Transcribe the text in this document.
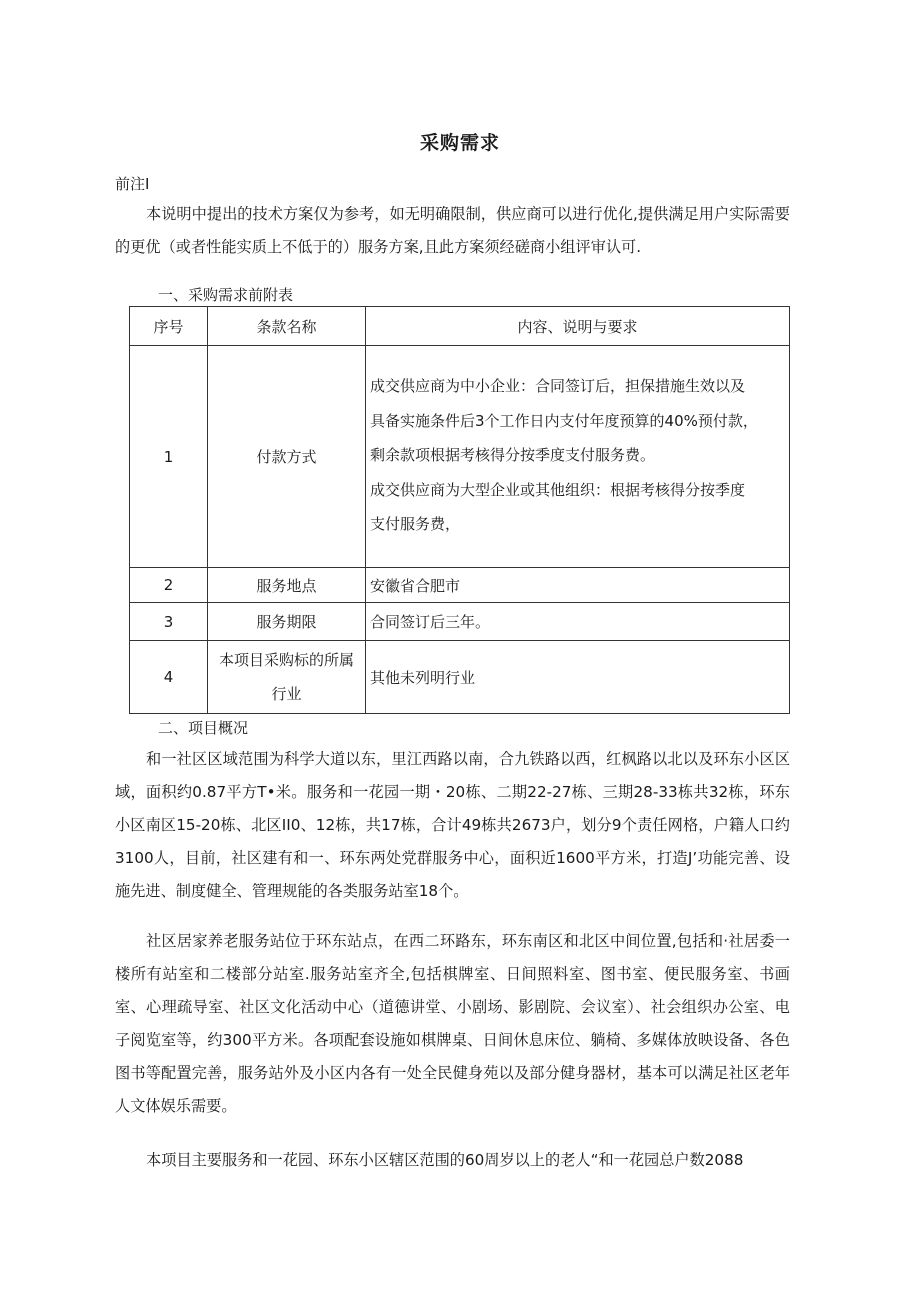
采购需求
前注I

本说明中提出的技术方案仅为参考，如无明确限制，供应商可以进行优化,提供满足用户实际需要的更优（或者性能实质上不低于的）服务方案,且此方案须经磋商小组评审认可.

一、采购需求前附表
序号	条款名称	内容、说明与要求
1	付款方式	成交供应商为中小企业：合同签订后，担保措施生效以及
具备实施条件后3个工作日内支付年度预算的40%预付款，
剩余款项根据考核得分按季度支付服务费。
成交供应商为大型企业或其他组织：根据考核得分按季度
支付服务费，

2	服务地点	安徽省合肥市
3	服务期限	合同签订后三年。
4	本项目采购标的所属
行业	其他未列明行业
二、项目概况

和一社区区域范围为科学大道以东，里江西路以南，合九铁路以西，红枫路以北以及环东小区区域，面积约0.87平方T•米。服务和一花园一期・20栋、二期22-27栋、三期28-33栋共32栋，环东小区南区15-20栋、北区II0、12栋，共17栋，合计49栋共2673户，划分9个责任网格，户籍人口约3100人，目前，社区建有和一、环东两处党群服务中心，面积近1600平方米，打造J’功能完善、设施先进、制度健全、管理规能的各类服务站室18个。

社区居家养老服务站位于环东站点，在西二环路东，环东南区和北区中间位置,包括和·社居委一楼所有站室和二楼部分站室.服务站室齐全,包括棋牌室、日间照料室、图书室、便民服务室、书画室、心理疏导室、社区文化活动中心（道德讲堂、小剧场、影剧院、会议室）、社会组织办公室、电子阅览室等，约300平方米。各项配套设施如棋牌桌、日间休息床位、躺椅、多媒体放映设备、各色图书等配置完善，服务站外及小区内各有一处全民健身苑以及部分健身器材，基本可以满足社区老年人文体娱乐需要。

本项目主要服务和一花园、环东小区辖区范围的60周岁以上的老人“和一花园总户数2088
